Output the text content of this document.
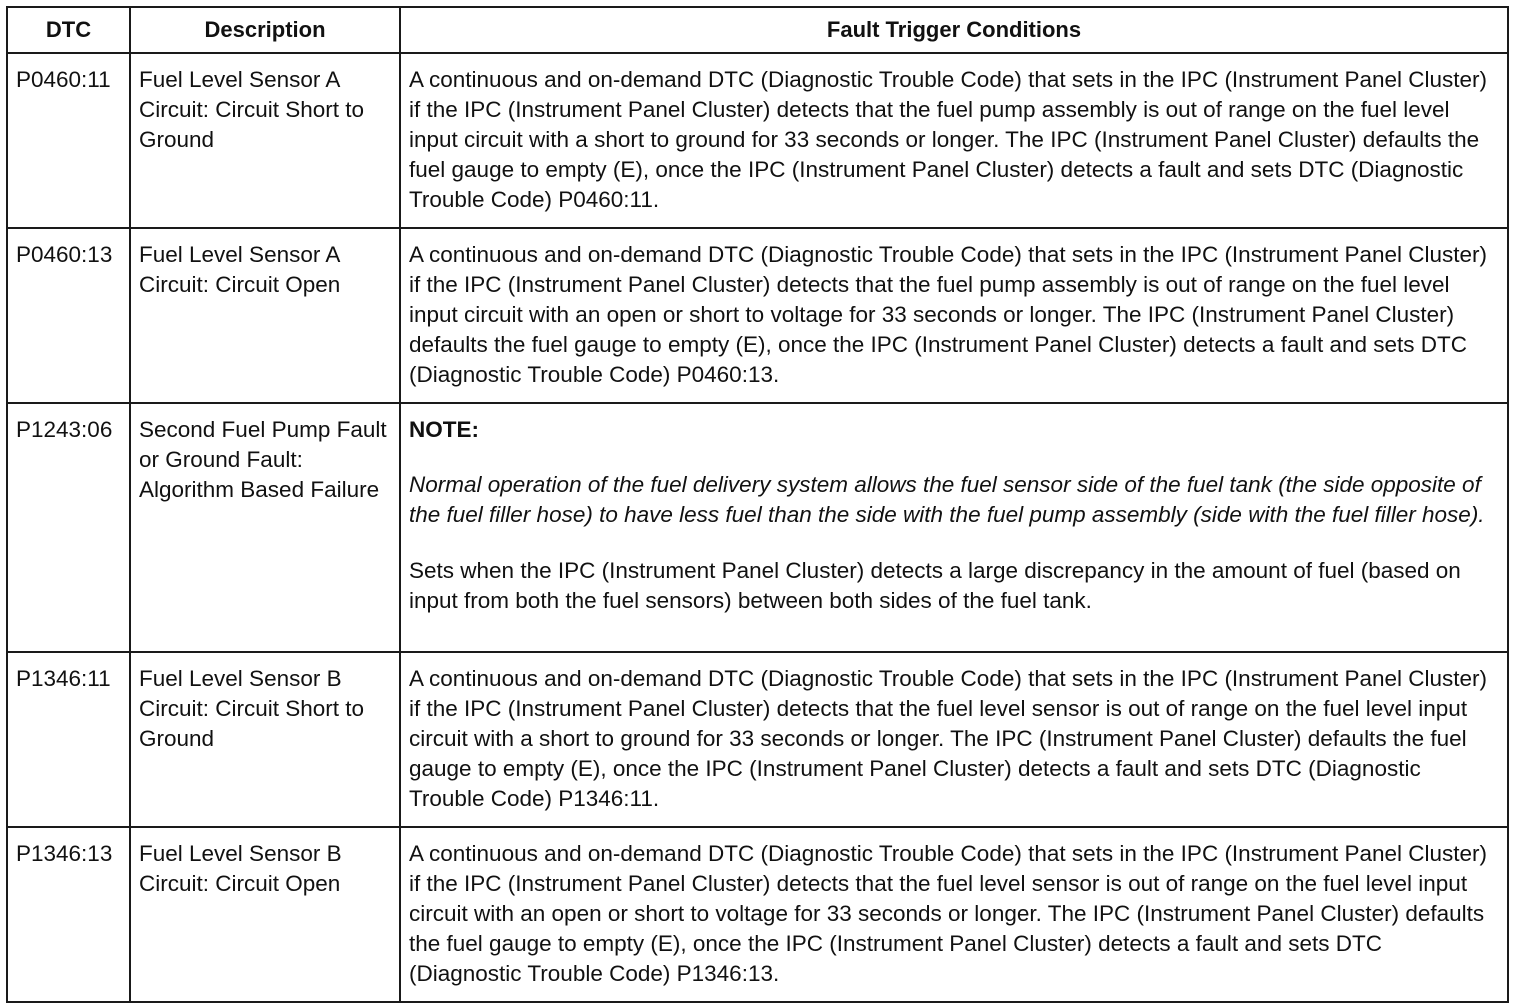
DTC	Description	Fault Trigger Conditions
P0460:11	Fuel Level Sensor A Circuit: Circuit Short to Ground	A continuous and on-demand DTC (Diagnostic Trouble Code) that sets in the IPC (Instrument Panel Cluster) if the IPC (Instrument Panel Cluster) detects that the fuel pump assembly is out of range on the fuel level input circuit with a short to ground for 33 seconds or longer. The IPC (Instrument Panel Cluster) defaults the fuel gauge to empty (E), once the IPC (Instrument Panel Cluster) detects a fault and sets DTC (Diagnostic Trouble Code) P0460:11.
P0460:13	Fuel Level Sensor A Circuit: Circuit Open	A continuous and on-demand DTC (Diagnostic Trouble Code) that sets in the IPC (Instrument Panel Cluster) if the IPC (Instrument Panel Cluster) detects that the fuel pump assembly is out of range on the fuel level input circuit with an open or short to voltage for 33 seconds or longer. The IPC (Instrument Panel Cluster) defaults the fuel gauge to empty (E), once the IPC (Instrument Panel Cluster) detects a fault and sets DTC (Diagnostic Trouble Code) P0460:13.
P1243:06	Second Fuel Pump Fault or Ground Fault: Algorithm Based Failure	NOTE:

Normal operation of the fuel delivery system allows the fuel sensor side of the fuel tank (the side opposite of the fuel filler hose) to have less fuel than the side with the fuel pump assembly (side with the fuel filler hose).

Sets when the IPC (Instrument Panel Cluster) detects a large discrepancy in the amount of fuel (based on input from both the fuel sensors) between both sides of the fuel tank.

P1346:11	Fuel Level Sensor B Circuit: Circuit Short to Ground	A continuous and on-demand DTC (Diagnostic Trouble Code) that sets in the IPC (Instrument Panel Cluster) if the IPC (Instrument Panel Cluster) detects that the fuel level sensor is out of range on the fuel level input circuit with a short to ground for 33 seconds or longer. The IPC (Instrument Panel Cluster) defaults the fuel gauge to empty (E), once the IPC (Instrument Panel Cluster) detects a fault and sets DTC (Diagnostic Trouble Code) P1346:11.
P1346:13	Fuel Level Sensor B Circuit: Circuit Open	A continuous and on-demand DTC (Diagnostic Trouble Code) that sets in the IPC (Instrument Panel Cluster) if the IPC (Instrument Panel Cluster) detects that the fuel level sensor is out of range on the fuel level input circuit with an open or short to voltage for 33 seconds or longer. The IPC (Instrument Panel Cluster) defaults the fuel gauge to empty (E), once the IPC (Instrument Panel Cluster) detects a fault and sets DTC (Diagnostic Trouble Code) P1346:13.
